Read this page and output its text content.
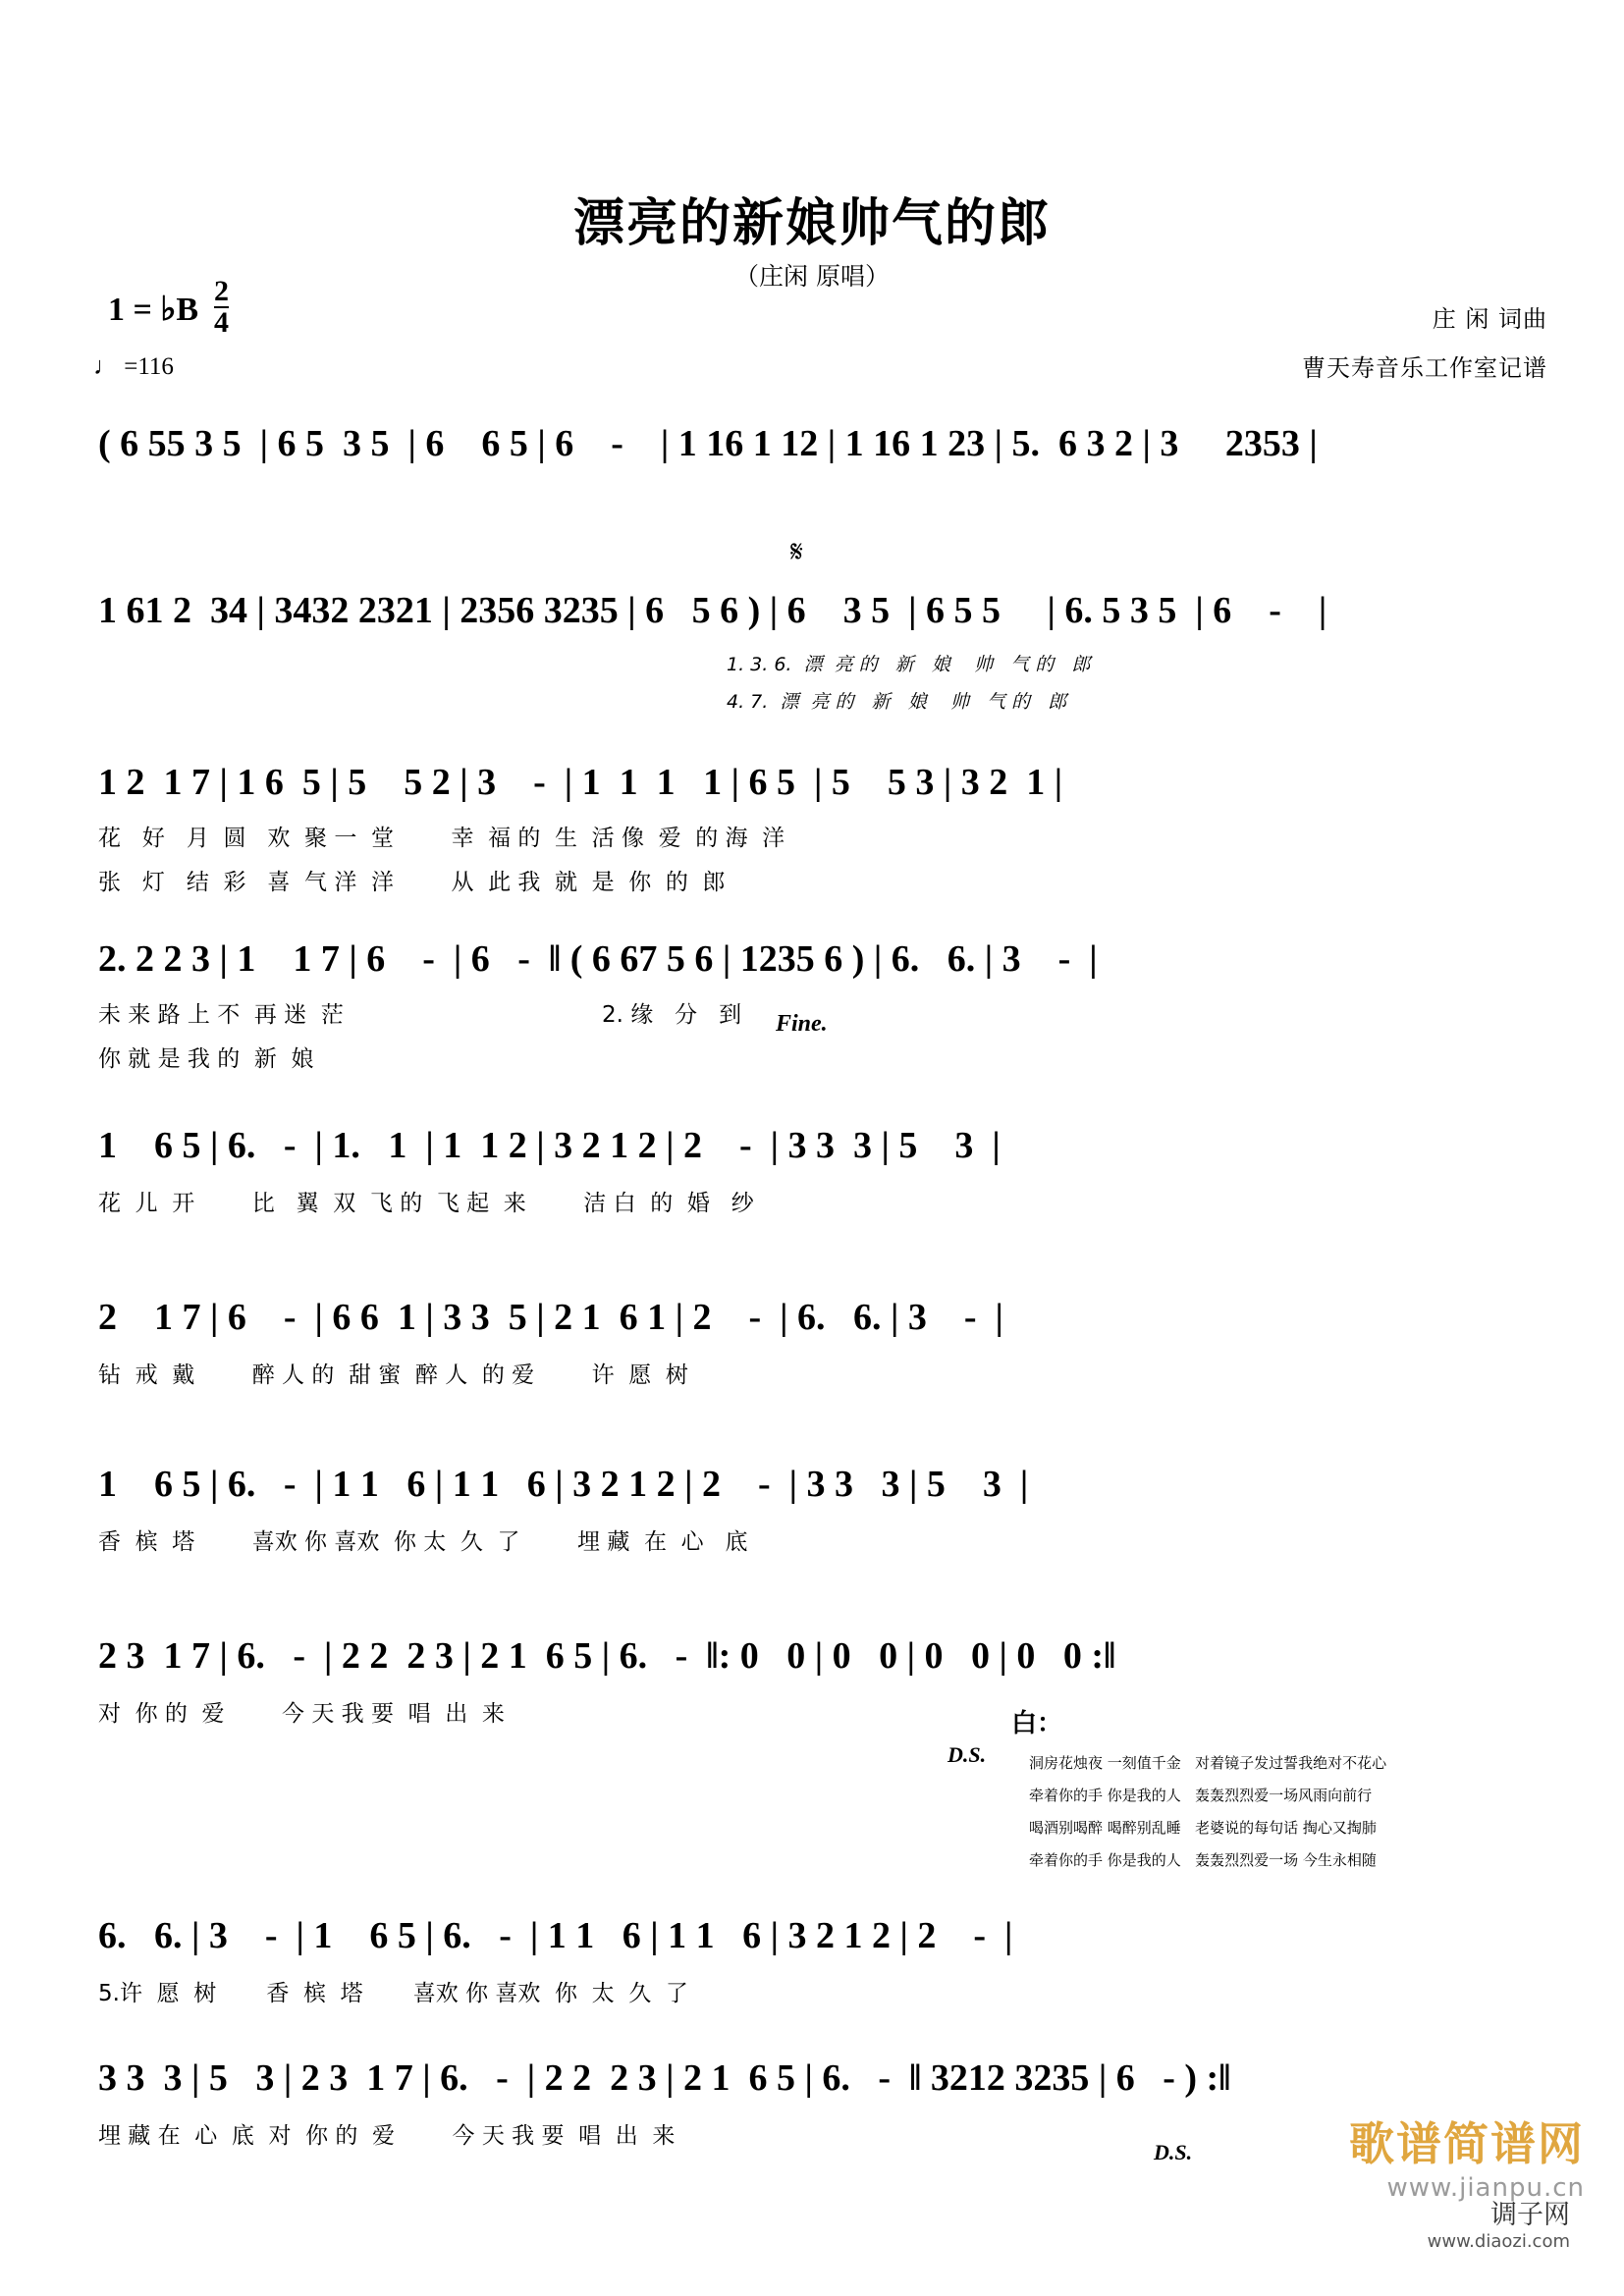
漂亮的新娘帅气的郎
（庄闲 原唱）
庄 闲 词曲
曹天寿音乐工作室记谱
1 = ♭B $\frac{2}{4}$
♩ =116
( 6 55 3 5  | 6 5  3 5  | 6    6 5 | 6    -    | 1 16 1 12 | 1 16 1 23 | 5.  6 3 2 | 3     2353 |
1 61 2  34 | 3432 2321 | 2356 3235 | 6   5 6 ) | 6    3 5  | 6 5 5     | 6. 5 3 5  | 6    -    |
1. 3. 6.  漂  亮 的   新   娘    帅   气 的   郎
4. 7.  漂  亮 的   新   娘    帅   气 的   郎
𝄋
1 2  1 7 | 1 6  5 | 5    5 2 | 3    -  | 1  1  1   1 | 6 5  | 5    5 3 | 3 2  1 |
花   好   月  圆   欢  聚 一  堂        幸  福 的  生  活 像  爱  的 海  洋
张   灯   结  彩   喜  气 洋  洋        从  此 我  就  是  你  的  郎
2. 2 2 3 | 1    1 7 | 6    -  | 6   -  ‖ ( 6 67 5 6 | 1235 6 ) | 6.   6. | 3    -  |
未 来 路 上 不  再 迷  茫                                    2. 缘   分   到
你 就 是 我 的  新  娘
Fine.
1    6 5 | 6.   -  | 1.   1  | 1  1 2 | 3 2 1 2 | 2    -  | 3 3  3 | 5    3  |
花  儿  开        比   翼  双  飞 的  飞 起  来        洁 白  的  婚   纱
2    1 7 | 6    -  | 6 6  1 | 3 3  5 | 2 1  6 1 | 2    -  | 6.   6. | 3    -  |
钻  戒  戴        醉 人 的  甜 蜜  醉 人  的 爱        许  愿  树
1    6 5 | 6.   -  | 1 1   6 | 1 1   6 | 3 2 1 2 | 2    -  | 3 3   3 | 5    3  |
香  槟  塔        喜欢 你 喜欢  你 太  久  了        埋 藏  在  心   底
2 3  1 7 | 6.   -  | 2 2  2 3 | 2 1  6 5 | 6.   -  ‖: 0   0 | 0   0 | 0   0 | 0   0 :‖
对  你 的  爱        今 天 我 要  唱  出  来
D.S.
白：
洞房花烛夜 一刻值千金   对着镜子发过誓我绝对不花心
牵着你的手 你是我的人   轰轰烈烈爱一场风雨向前行
喝酒别喝醉 喝醉别乱睡   老婆说的每句话 掏心又掏肺
牵着你的手 你是我的人   轰轰烈烈爱一场 今生永相随
6.   6. | 3    -  | 1    6 5 | 6.   -  | 1 1   6 | 1 1   6 | 3 2 1 2 | 2    -  |
5.许  愿  树       香  槟  塔       喜欢 你 喜欢  你  太  久  了
3 3  3 | 5   3 | 2 3  1 7 | 6.   -  | 2 2  2 3 | 2 1  6 5 | 6.   -  ‖ 3212 3235 | 6   - ) :‖
埋 藏 在  心  底  对  你 的  爱        今 天 我 要  唱  出  来
D.S.	歌谱简谱网
www.jianpu.cn
调子网
www.diaozi.com
